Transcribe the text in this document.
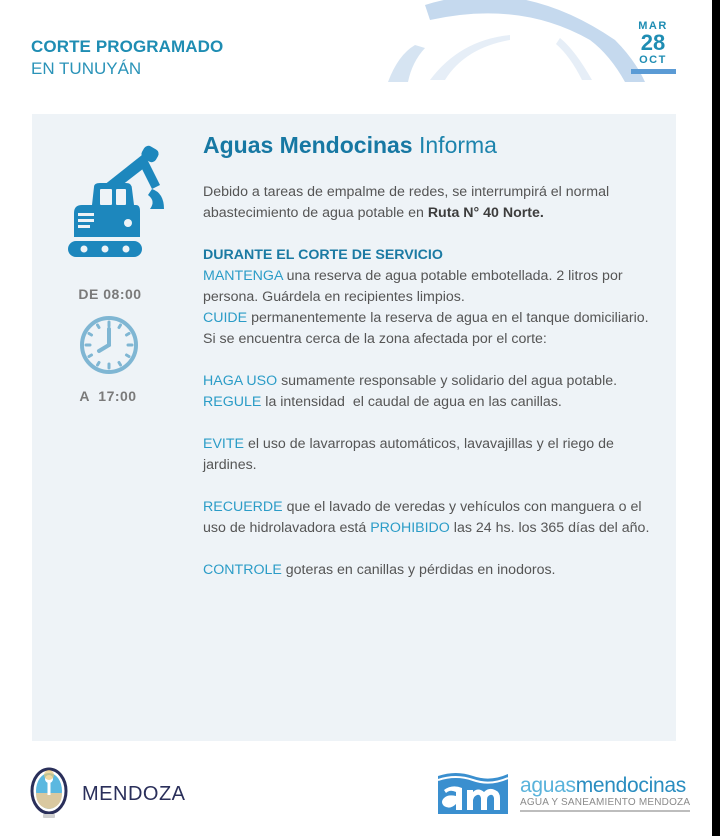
CORTE PROGRAMADO
EN TUNUYÁN
MAR
28
OCT
DE 08:00
A  17:00
Aguas Mendocinas Informa

Debido a tareas de empalme de redes, se interrumpirá el normal abastecimiento de agua potable en Ruta N° 40 Norte.

DURANTE EL CORTE DE SERVICIO

MANTENGA una reserva de agua potable embotellada. 2 litros por persona. Guárdela en recipientes limpios.

CUIDE permanentemente la reserva de agua en el tanque domiciliario.

Si se encuentra cerca de la zona afectada por el corte:

HAGA USO sumamente responsable y solidario del agua potable.

REGULE la intensidad  el caudal de agua en las canillas.

EVITE el uso de lavarropas automáticos, lavavajillas y el riego de jardines.

RECUERDE que el lavado de veredas y vehículos con manguera o el uso de hidrolavadora está PROHIBIDO las 24 hs. los 365 días del año.

CONTROLE goteras en canillas y pérdidas en inodoros.

MENDOZA	aguasmendocinas
AGUA Y SANEAMIENTO MENDOZA
